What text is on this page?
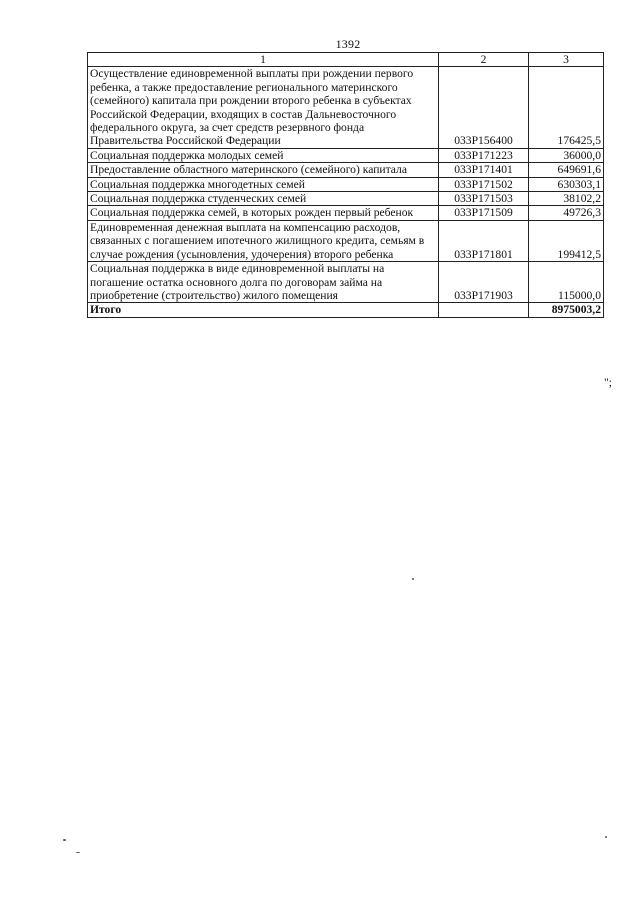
1392
1	2	3
Осуществление единовременной выплаты при рождении первого ребенка, а также предоставление регионального материнского (семейного) капитала при рождении второго ребенка в субъектах Российской Федерации, входящих в состав Дальневосточного федерального округа, за счет средств резервного фонда Правительства Российской Федерации	033P156400	176425,5
Социальная поддержка молодых семей	033P171223	36000,0
Предоставление областного материнского (семейного) капитала	033P171401	649691,6
Социальная поддержка многодетных семей	033P171502	630303,1
Социальная поддержка студенческих семей	033P171503	38102,2
Социальная поддержка семей, в которых рожден первый ребенок	033P171509	49726,3
Единовременная денежная выплата на компенсацию расходов, связанных с погашением ипотечного жилищного кредита, семьям в случае рождения (усыновления, удочерения) второго ребенка	033P171801	199412,5
Социальная поддержка в виде единовременной выплаты на погашение остатка основного долга по договорам займа на приобретение (строительство) жилого помещения	033P171903	115000,0
Итого		8975003,2
";
